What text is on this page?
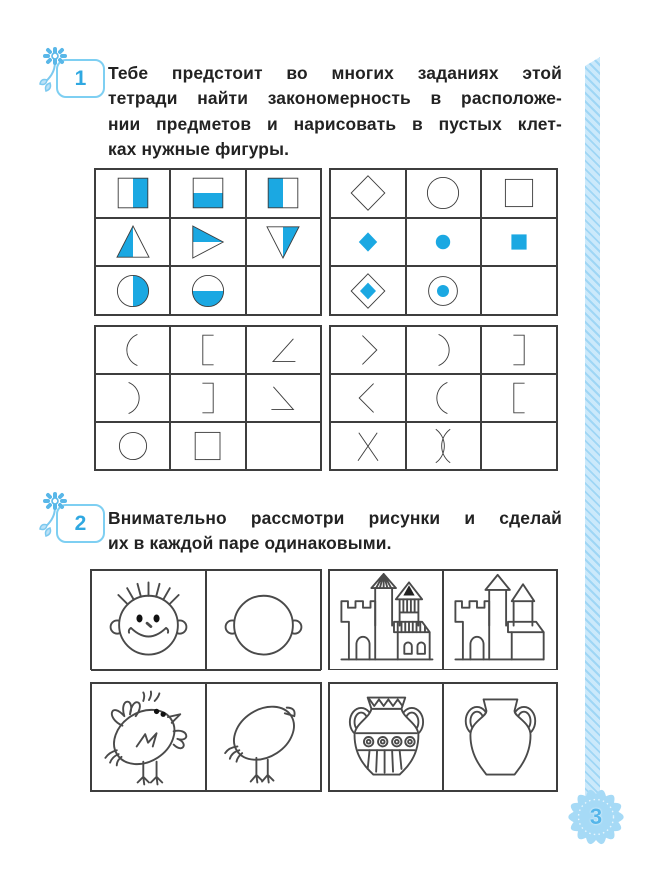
1 Тебе предстоит во многих заданиях этой
тетради найти закономерность в расположе-
нии предметов и нарисовать в пустых клет-
ках нужные фигуры.
2 Внимательно рассмотри рисунки и сделай
их в каждой паре одинаковыми.
3
